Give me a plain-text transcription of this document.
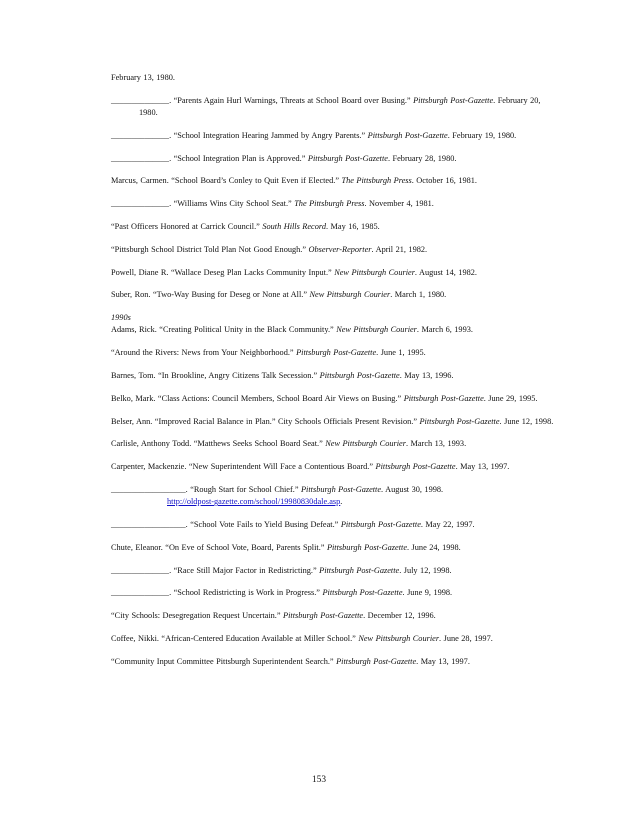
February 13, 1980.
______________. “Parents Again Hurl Warnings, Threats at School Board over Busing.” Pittsburgh Post-Gazette. February 20, 1980.
______________. “School Integration Hearing Jammed by Angry Parents.” Pittsburgh Post-Gazette. February 19, 1980.
______________. “School Integration Plan is Approved.” Pittsburgh Post-Gazette. February 28, 1980.
Marcus, Carmen. “School Board’s Conley to Quit Even if Elected.” The Pittsburgh Press. October 16, 1981.
______________. “Williams Wins City School Seat.” The Pittsburgh Press. November 4, 1981.
“Past Officers Honored at Carrick Council.” South Hills Record. May 16, 1985.
“Pittsburgh School District Told Plan Not Good Enough.” Observer-Reporter. April 21, 1982.
Powell, Diane R. “Wallace Deseg Plan Lacks Community Input.” New Pittsburgh Courier. August 14, 1982.
Suber, Ron. “Two-Way Busing for Deseg or None at All.” New Pittsburgh Courier. March 1, 1980.
1990s
Adams, Rick. “Creating Political Unity in the Black Community.” New Pittsburgh Courier. March 6, 1993.
“Around the Rivers: News from Your Neighborhood.” Pittsburgh Post-Gazette. June 1, 1995.
Barnes, Tom. “In Brookline, Angry Citizens Talk Secession.” Pittsburgh Post-Gazette. May 13, 1996.
Belko, Mark. “Class Actions: Council Members, School Board Air Views on Busing.” Pittsburgh Post-Gazette. June 29, 1995.
Belser, Ann. “Improved Racial Balance in Plan.” City Schools Officials Present Revision.” Pittsburgh Post-Gazette. June 12, 1998.
Carlisle, Anthony Todd. “Matthews Seeks School Board Seat.” New Pittsburgh Courier. March 13, 1993.
Carpenter, Mackenzie. “New Superintendent Will Face a Contentious Board.” Pittsburgh Post-Gazette. May 13, 1997.
__________________. “Rough Start for School Chief.” Pittsburgh Post-Gazette. August 30, 1998.
http://oldpost-gazette.com/school/19980830dale.asp.
__________________. “School Vote Fails to Yield Busing Defeat.” Pittsburgh Post-Gazette. May 22, 1997.
Chute, Eleanor. “On Eve of School Vote, Board, Parents Split.” Pittsburgh Post-Gazette. June 24, 1998.
______________. “Race Still Major Factor in Redistricting.” Pittsburgh Post-Gazette. July 12, 1998.
______________. “School Redistricting is Work in Progress.” Pittsburgh Post-Gazette. June 9, 1998.
“City Schools: Desegregation Request Uncertain.” Pittsburgh Post-Gazette. December 12, 1996.
Coffee, Nikki. “African-Centered Education Available at Miller School.” New Pittsburgh Courier. June 28, 1997.
“Community Input Committee Pittsburgh Superintendent Search.” Pittsburgh Post-Gazette. May 13, 1997.
153
